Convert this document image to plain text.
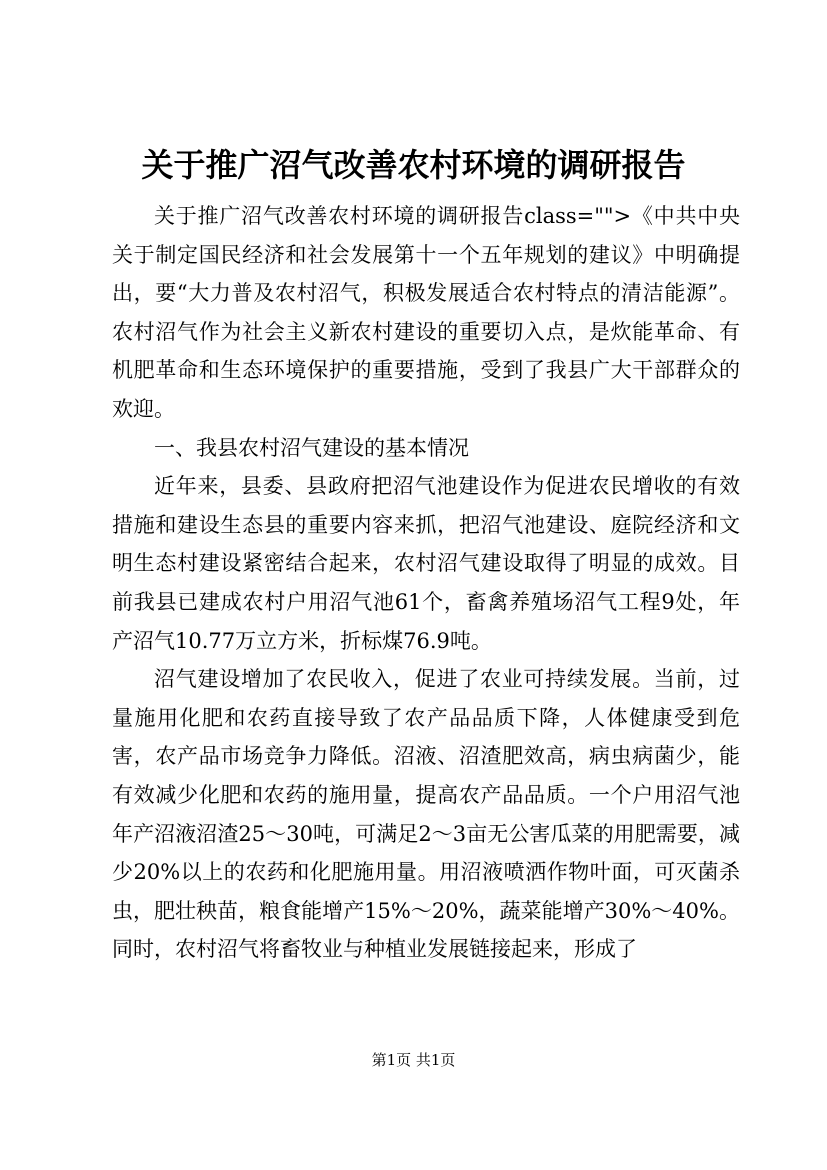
关于推广沼气改善农村环境的调研报告

关于推广沼气改善农村环境的调研报告class="">《中共中央关于制定国民经济和社会发展第十一个五年规划的建议》中明确提出，要“大力普及农村沼气，积极发展适合农村特点的清洁能源”。农村沼气作为社会主义新农村建设的重要切入点，是炊能革命、有机肥革命和生态环境保护的重要措施，受到了我县广大干部群众的欢迎。

一、我县农村沼气建设的基本情况

近年来，县委、县政府把沼气池建设作为促进农民增收的有效措施和建设生态县的重要内容来抓，把沼气池建设、庭院经济和文明生态村建设紧密结合起来，农村沼气建设取得了明显的成效。目前我县已建成农村户用沼气池61个，畜禽养殖场沼气工程9处，年产沼气10.77万立方米，折标煤76.9吨。

沼气建设增加了农民收入，促进了农业可持续发展。当前，过量施用化肥和农药直接导致了农产品品质下降，人体健康受到危害，农产品市场竞争力降低。沼液、沼渣肥效高，病虫病菌少，能有效减少化肥和农药的施用量，提高农产品品质。一个户用沼气池年产沼液沼渣25～30吨，可满足2～3亩无公害瓜菜的用肥需要，减少20%以上的农药和化肥施用量。用沼液喷洒作物叶面，可灭菌杀虫，肥壮秧苗，粮食能增产15%～20%，蔬菜能增产30%～40%。同时，农村沼气将畜牧业与种植业发展链接起来，形成了

第1页 共1页
